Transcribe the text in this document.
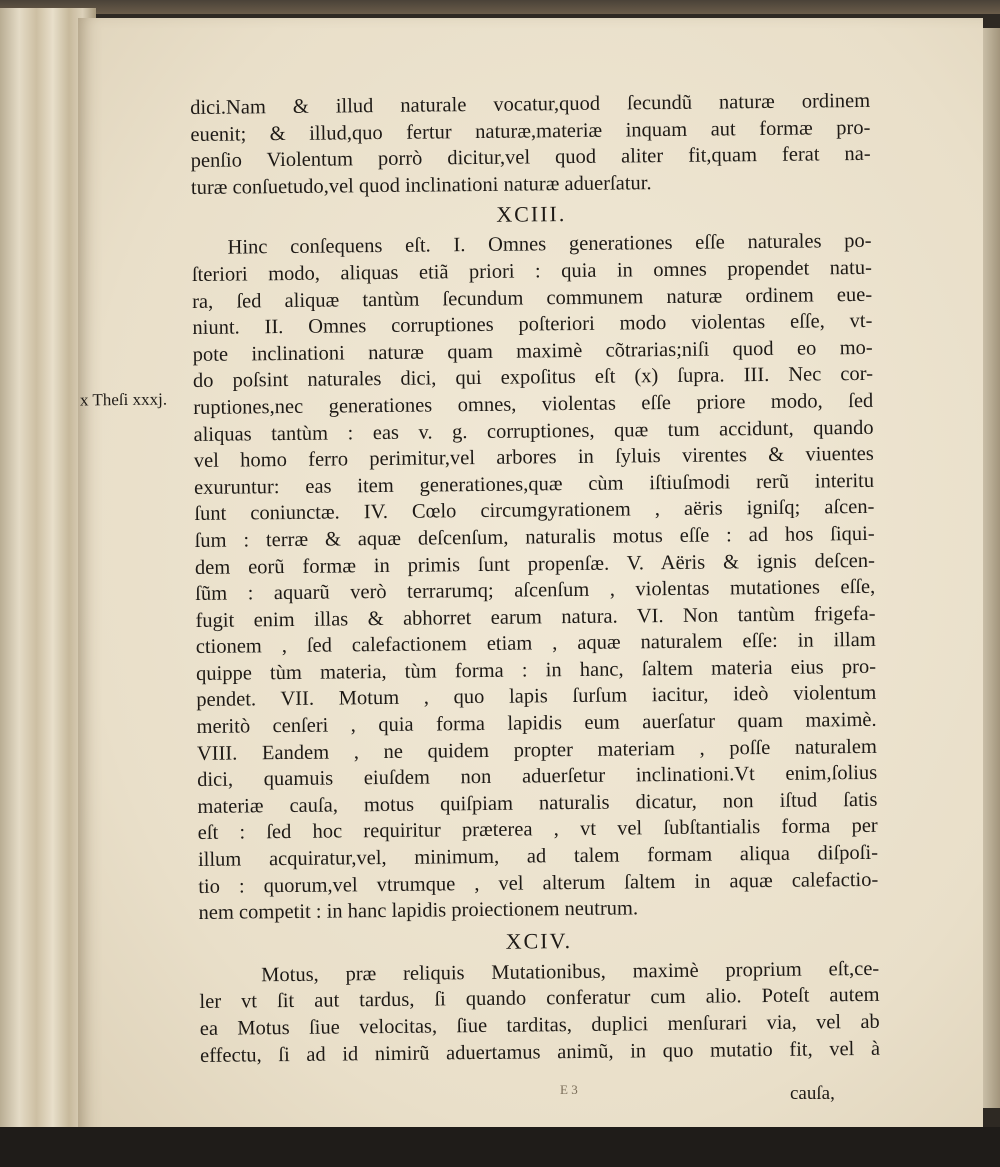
dici.Nam & illud naturale vocatur,quod ſecundũ naturæ ordinem
euenit; & illud,quo fertur naturæ,materiæ inquam aut formæ pro-
penſio Violentum porrò dicitur,vel quod aliter fit,quam ferat na-
turæ conſuetudo,vel quod inclinationi naturæ aduerſatur.
XCIII.
Hinc conſequens eſt. I. Omnes generationes eſſe naturales po-
ſteriori modo, aliquas etiã priori : quia in omnes propendet natu-
ra, ſed aliquæ tantùm ſecundum communem naturæ ordinem eue-
niunt. II. Omnes corruptiones poſteriori modo violentas eſſe, vt-
pote inclinationi naturæ quam maximè cõtrarias;niſi quod eo mo-
do poſsint naturales dici, qui expoſitus eſt (x) ſupra. III. Nec cor-
ruptiones,nec generationes omnes, violentas eſſe priore modo, ſed
aliquas tantùm : eas v. g. corruptiones, quæ tum accidunt, quando
vel homo ferro perimitur,vel arbores in ſyluis virentes & viuentes
exuruntur: eas item generationes,quæ cùm iſtiuſmodi rerũ interitu
ſunt coniunctæ. IV. Cœlo circumgyrationem , aëris igniſq; aſcen-
ſum : terræ & aquæ deſcenſum, naturalis motus eſſe : ad hos ſiqui-
dem eorũ formæ in primis ſunt propenſæ. V. Aëris & ignis deſcen-
ſũm : aquarũ verò terrarumq; aſcenſum , violentas mutationes eſſe,
fugit enim illas & abhorret earum natura. VI. Non tantùm frigefa-
ctionem , ſed calefactionem etiam , aquæ naturalem eſſe: in illam
quippe tùm materia, tùm forma : in hanc, ſaltem materia eius pro-
pendet. VII. Motum , quo lapis ſurſum iacitur, ideò violentum
meritò cenſeri , quia forma lapidis eum auerſatur quam maximè.
VIII. Eandem , ne quidem propter materiam , poſſe naturalem
dici, quamuis eiuſdem non aduerſetur inclinationi.Vt enim,ſolius
materiæ cauſa, motus quiſpiam naturalis dicatur, non iſtud ſatis
eſt : ſed hoc requiritur præterea , vt vel ſubſtantialis forma per
illum acquiratur,vel, minimum, ad talem formam aliqua diſpoſi-
tio : quorum,vel vtrumque , vel alterum ſaltem in aquæ calefactio-
nem competit : in hanc lapidis proiectionem neutrum.
XCIV.
Motus, præ reliquis Mutationibus, maximè proprium eſt,ce-
ler vt ſit aut tardus, ſi quando conferatur cum alio. Poteſt autem
ea Motus ſiue velocitas, ſiue tarditas, duplici menſurari via, vel ab
effectu, ſi ad id nimirũ aduertamus animũ, in quo mutatio fit, vel à
x Theſi xxxj.
E 3	cauſa,
